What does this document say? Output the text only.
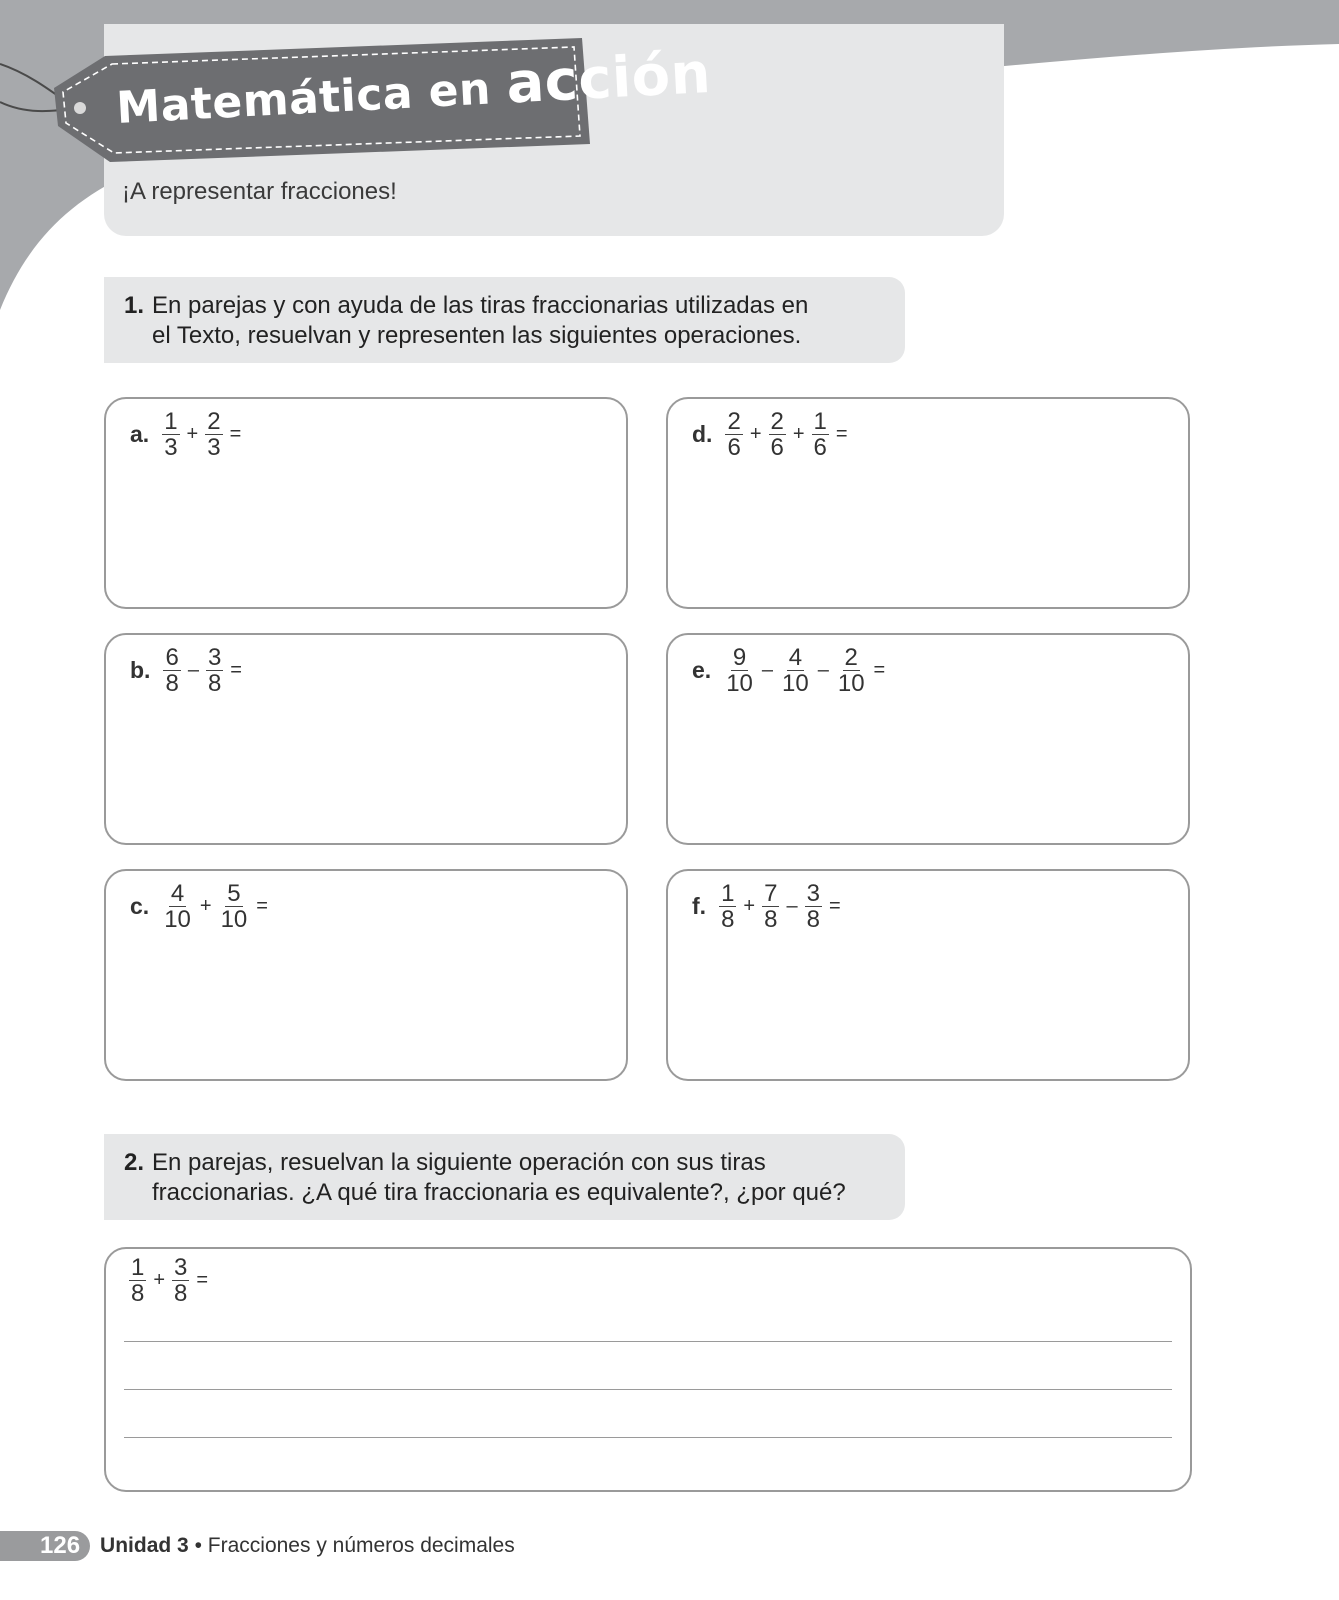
Matemática en acción
¡A representar fracciones!
1. En parejas y con ayuda de las tiras fraccionarias utilizadas en
el Texto, resuelvan y representen las siguientes operaciones.
a. $\frac{1}{3} + \frac{2}{3}$ =	d. $\frac{2}{6} + \frac{2}{6} + \frac{1}{6}$ =
b. $\frac{6}{8} - \frac{3}{8}$ =	e. $\frac{9}{10} - \frac{4}{10} - \frac{2}{10}$ =
c. $\frac{4}{10} + \frac{5}{10}$ =	f. $\frac{1}{8} + \frac{7}{8} - \frac{3}{8}$ =
2. En parejas, resuelvan la siguiente operación con sus tiras
fraccionarias. ¿A qué tira fraccionaria es equivalente?, ¿por qué?
$\frac{1}{8} + \frac{3}{8}$ =
126 Unidad 3 • Fracciones y números decimales
